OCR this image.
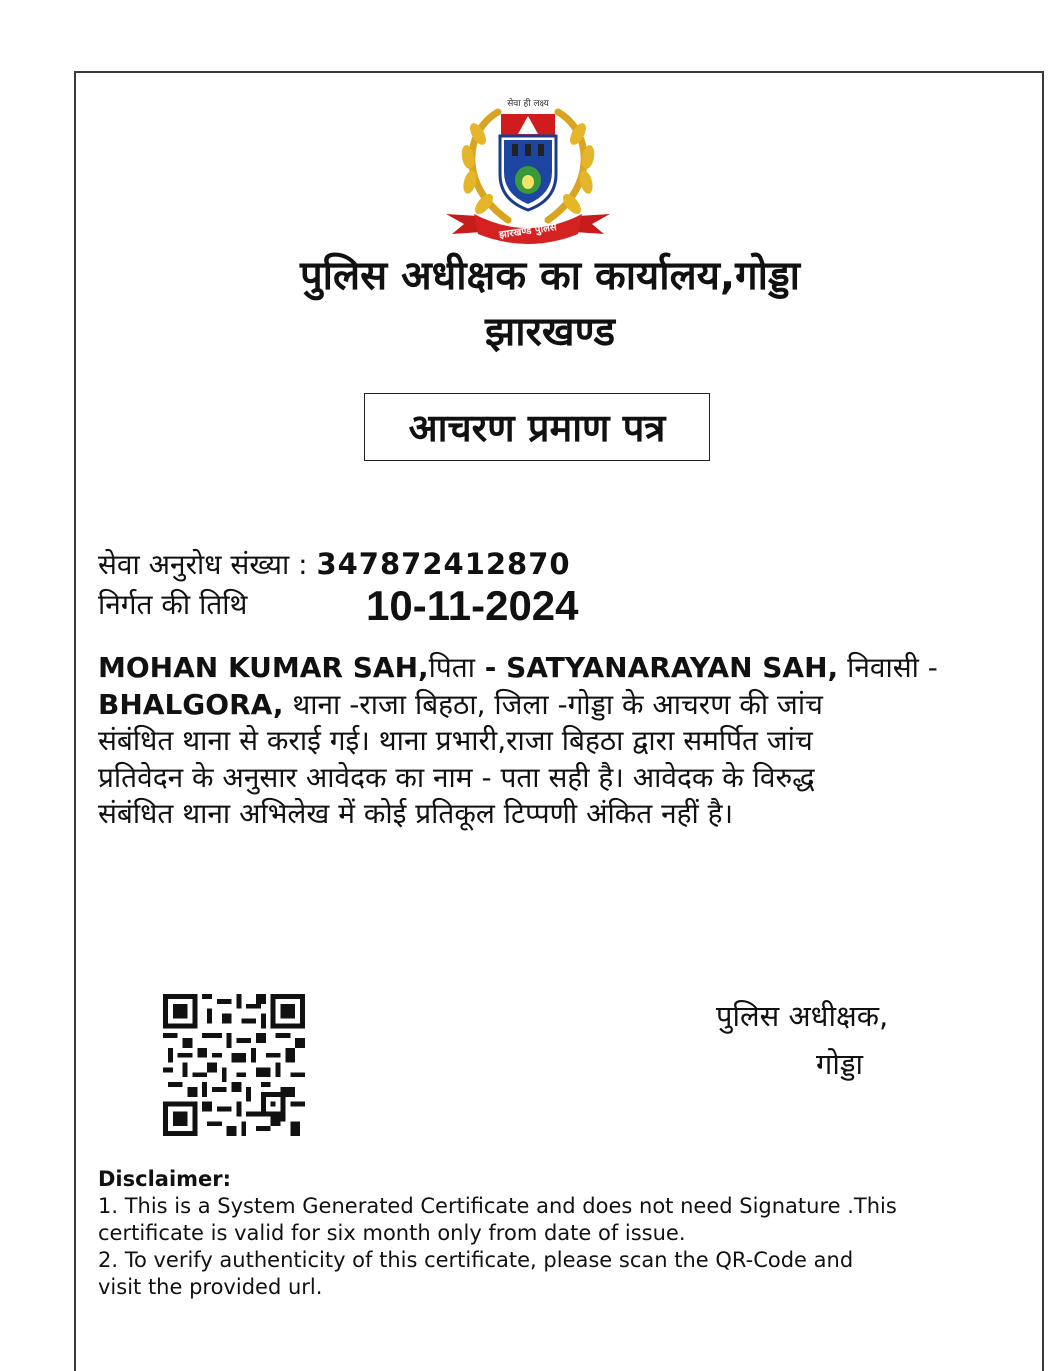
सेवा ही लक्ष्य
झारखण्ड पुलिस
पुलिस अधीक्षक का कार्यालय,गोड्डा
झारखण्ड
आचरण प्रमाण पत्र
सेवा अनुरोध संख्या : 347872412870
निर्गत की तिथि	10-11-2024

MOHAN KUMAR SAH,पिता - SATYANARAYAN SAH, निवासी -

BHALGORA, थाना -राजा बिहठा, जिला -गोड्डा के आचरण की जांच

संबंधित थाना से कराई गई। थाना प्रभारी,राजा बिहठा द्वारा समर्पित जांच

प्रतिवेदन के अनुसार आवेदक का नाम - पता सही है। आवेदक के विरुद्ध

संबंधित थाना अभिलेख में कोई प्रतिकूल टिप्पणी अंकित नहीं है।

पुलिस अधीक्षक,
गोड्डा

Disclaimer:

1. This is a System Generated Certificate and does not need Signature .This

certificate is valid for six month only from date of issue.

2. To verify authenticity of this certificate, please scan the QR-Code and

visit the provided url.
